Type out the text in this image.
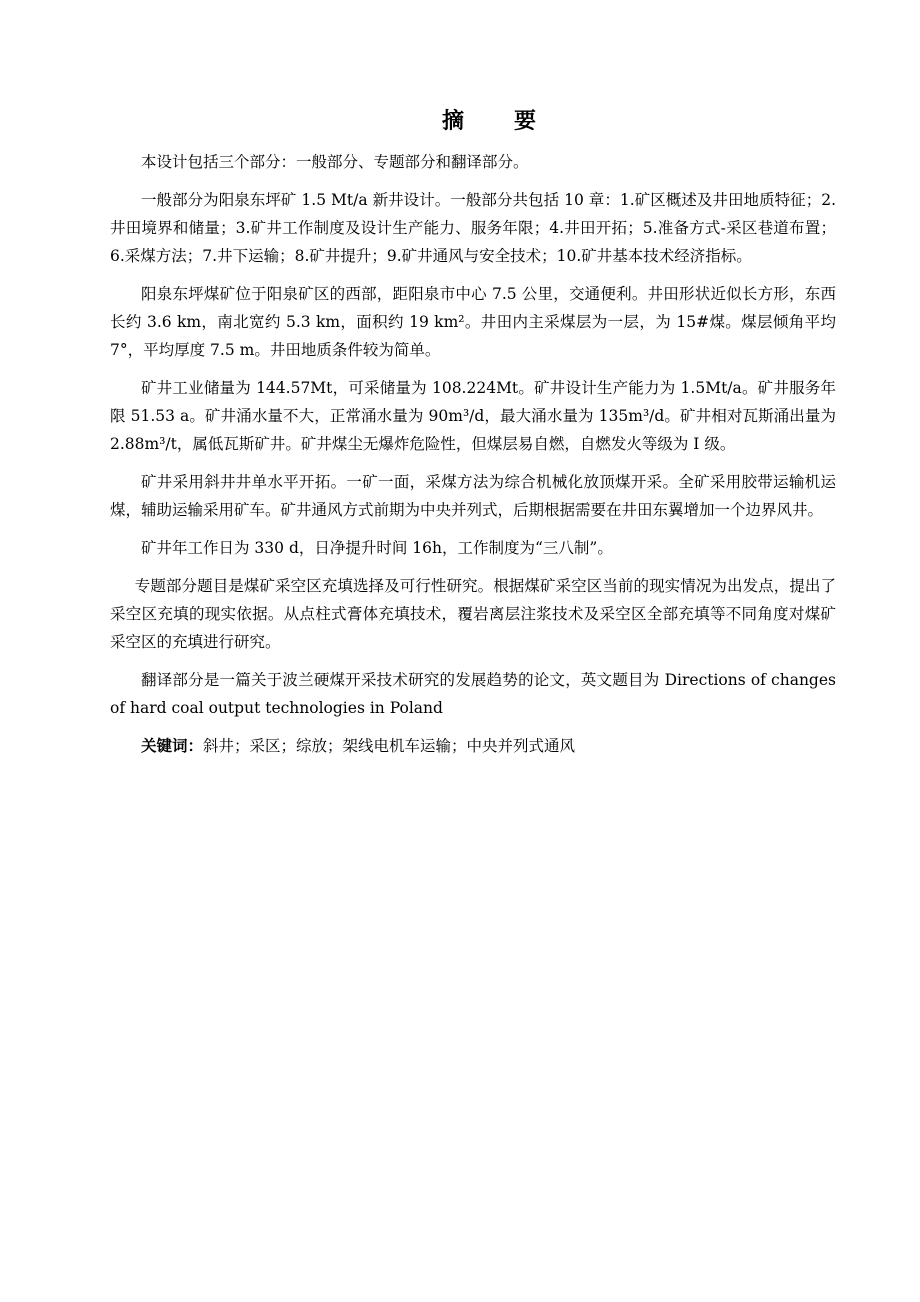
摘　要

本设计包括三个部分：一般部分、专题部分和翻译部分。

一般部分为阳泉东坪矿 1.5 Mt/a 新井设计。一般部分共包括 10 章：1.矿区概述及井田地质特征；2.井田境界和储量；3.矿井工作制度及设计生产能力、服务年限；4.井田开拓；5.准备方式-采区巷道布置；6.采煤方法；7.井下运输；8.矿井提升；9.矿井通风与安全技术；10.矿井基本技术经济指标。

阳泉东坪煤矿位于阳泉矿区的西部，距阳泉市中心 7.5 公里，交通便利。井田形状近似长方形，东西长约 3.6 km，南北宽约 5.3 km，面积约 19 km²。井田内主采煤层为一层，为 15#煤。煤层倾角平均 7°，平均厚度 7.5 m。井田地质条件较为简单。

矿井工业储量为 144.57Mt，可采储量为 108.224Mt。矿井设计生产能力为 1.5Mt/a。矿井服务年限 51.53 a。矿井涌水量不大，正常涌水量为 90m³/d，最大涌水量为 135m³/d。矿井相对瓦斯涌出量为 2.88m³/t，属低瓦斯矿井。矿井煤尘无爆炸危险性，但煤层易自燃，自燃发火等级为 I 级。

矿井采用斜井井单水平开拓。一矿一面，采煤方法为综合机械化放顶煤开采。全矿采用胶带运输机运煤，辅助运输采用矿车。矿井通风方式前期为中央并列式，后期根据需要在井田东翼增加一个边界风井。

矿井年工作日为 330 d，日净提升时间 16h，工作制度为“三八制”。

专题部分题目是煤矿采空区充填选择及可行性研究。根据煤矿采空区当前的现实情况为出发点，提出了采空区充填的现实依据。从点柱式膏体充填技术，覆岩离层注浆技术及采空区全部充填等不同角度对煤矿采空区的充填进行研究。

翻译部分是一篇关于波兰硬煤开采技术研究的发展趋势的论文，英文题目为 Directions of changes of hard coal output technologies in Poland

关键词：斜井；采区；综放；架线电机车运输；中央并列式通风
